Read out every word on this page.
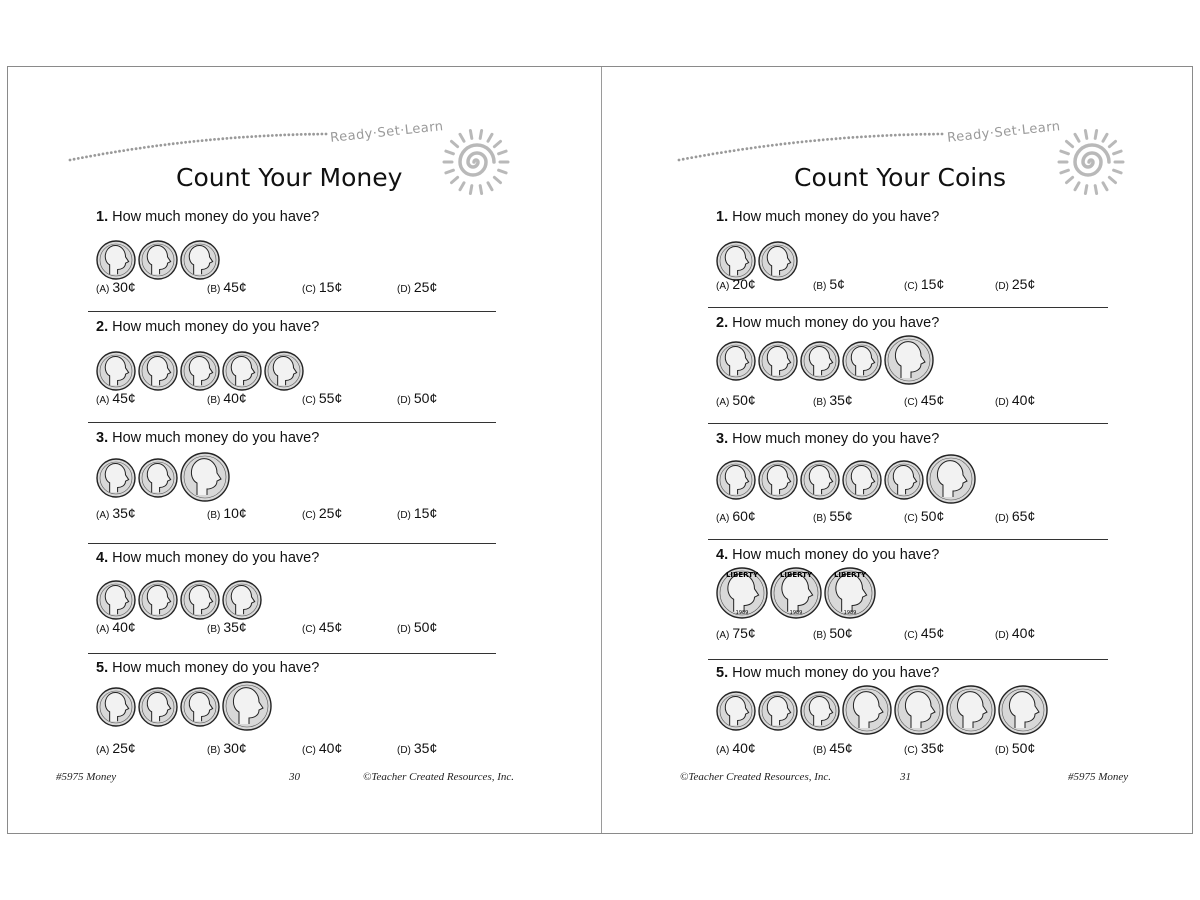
Ready·Set·Learn
Count Your Money
1. How much money do you have?
(A) 30¢	(B) 45¢	(C) 15¢	(D) 25¢
2. How much money do you have?
(A) 45¢	(B) 40¢	(C) 55¢	(D) 50¢
3. How much money do you have?
(A) 35¢	(B) 10¢	(C) 25¢	(D) 15¢
4. How much money do you have?
(A) 40¢	(B) 35¢	(C) 45¢	(D) 50¢
5. How much money do you have?
(A) 25¢	(B) 30¢	(C) 40¢	(D) 35¢
#5975 Money	30	©Teacher Created Resources, Inc.
Ready·Set·Learn
Count Your Coins
1. How much money do you have?
(A) 20¢	(B) 5¢	(C) 15¢	(D) 25¢
2. How much money do you have?
(A) 50¢	(B) 35¢	(C) 45¢	(D) 40¢
3. How much money do you have?
(A) 60¢	(B) 55¢	(C) 50¢	(D) 65¢
4. How much money do you have?
LIBERTY
1989
LIBERTY
1989
LIBERTY
1989
(A) 75¢	(B) 50¢	(C) 45¢	(D) 40¢
5. How much money do you have?
(A) 40¢	(B) 45¢	(C) 35¢	(D) 50¢
©Teacher Created Resources, Inc.	31	#5975 Money
